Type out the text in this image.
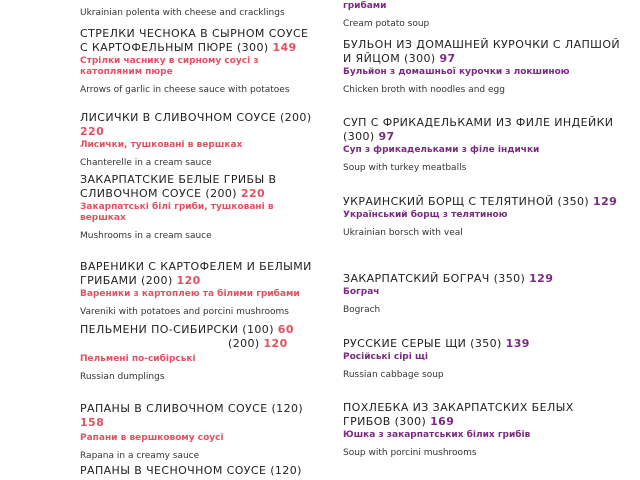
Ukrainian polenta with cheese and cracklings

СТРЕЛКИ ЧЕСНОКА В СЫРНОМ СОУСЕ С КАРТОФЕЛЬНЫМ ПЮРЕ (300) 149

Стрілки часнику в сирному соусі з катопляним пюре
Arrows of garlic in cheese sauce with potatoes

ЛИСИЧКИ В СЛИВОЧНОМ СОУСЕ (200) 220

Лисички, тушковані в вершках
Chanterelle in a cream sauce

ЗАКАРПАТСКИЕ БЕЛЫЕ ГРИБЫ В СЛИВОЧНОМ СОУСЕ (200) 220

Закарпатські білі гриби, тушковані в вершках
Mushrooms in a cream sauce

ВАРЕНИКИ С КАРТОФЕЛЕМ И БЕЛЫМИ ГРИБАМИ (200) 120

Вареники з картоплею та білими грибами
Vareniki with potatoes and porcini mushrooms

ПЕЛЬМЕНИ ПО-СИБИРСКИ (100) 60
(200) 120

Пельмені по-сибірські
Russian dumplings

РАПАНЫ В СЛИВОЧНОМ СОУСЕ (120) 158

Рапани в вершковому соусі
Rapana in a creamy sauce

РАПАНЫ В ЧЕСНОЧНОМ СОУСЕ (120)

грибами
Cream potato soup

БУЛЬОН ИЗ ДОМАШНЕЙ КУРОЧКИ С ЛАПШОЙ И ЯЙЦОМ (300) 97

Бульйон з домашньої курочки з локшиною
Chicken broth with noodles and egg

СУП С ФРИКАДЕЛЬКАМИ ИЗ ФИЛЕ ИНДЕЙКИ (300) 97

Суп з фрикадельками з філе індички
Soup with turkey meatballs

УКРАИНСКИЙ БОРЩ С ТЕЛЯТИНОЙ (350) 129

Український борщ з телятиною
Ukrainian borsch with veal

ЗАКАРПАТСКИЙ БОГРАЧ (350) 129

Бограч
Bograch

РУССКИЕ СЕРЫЕ ЩИ (350) 139

Російські сірі щі
Russian cabbage soup

ПОХЛЕБКА ИЗ ЗАКАРПАТСКИХ БЕЛЫХ ГРИБОВ (300) 169

Юшка з закарпатських білих грибів
Soup with porcini mushrooms
